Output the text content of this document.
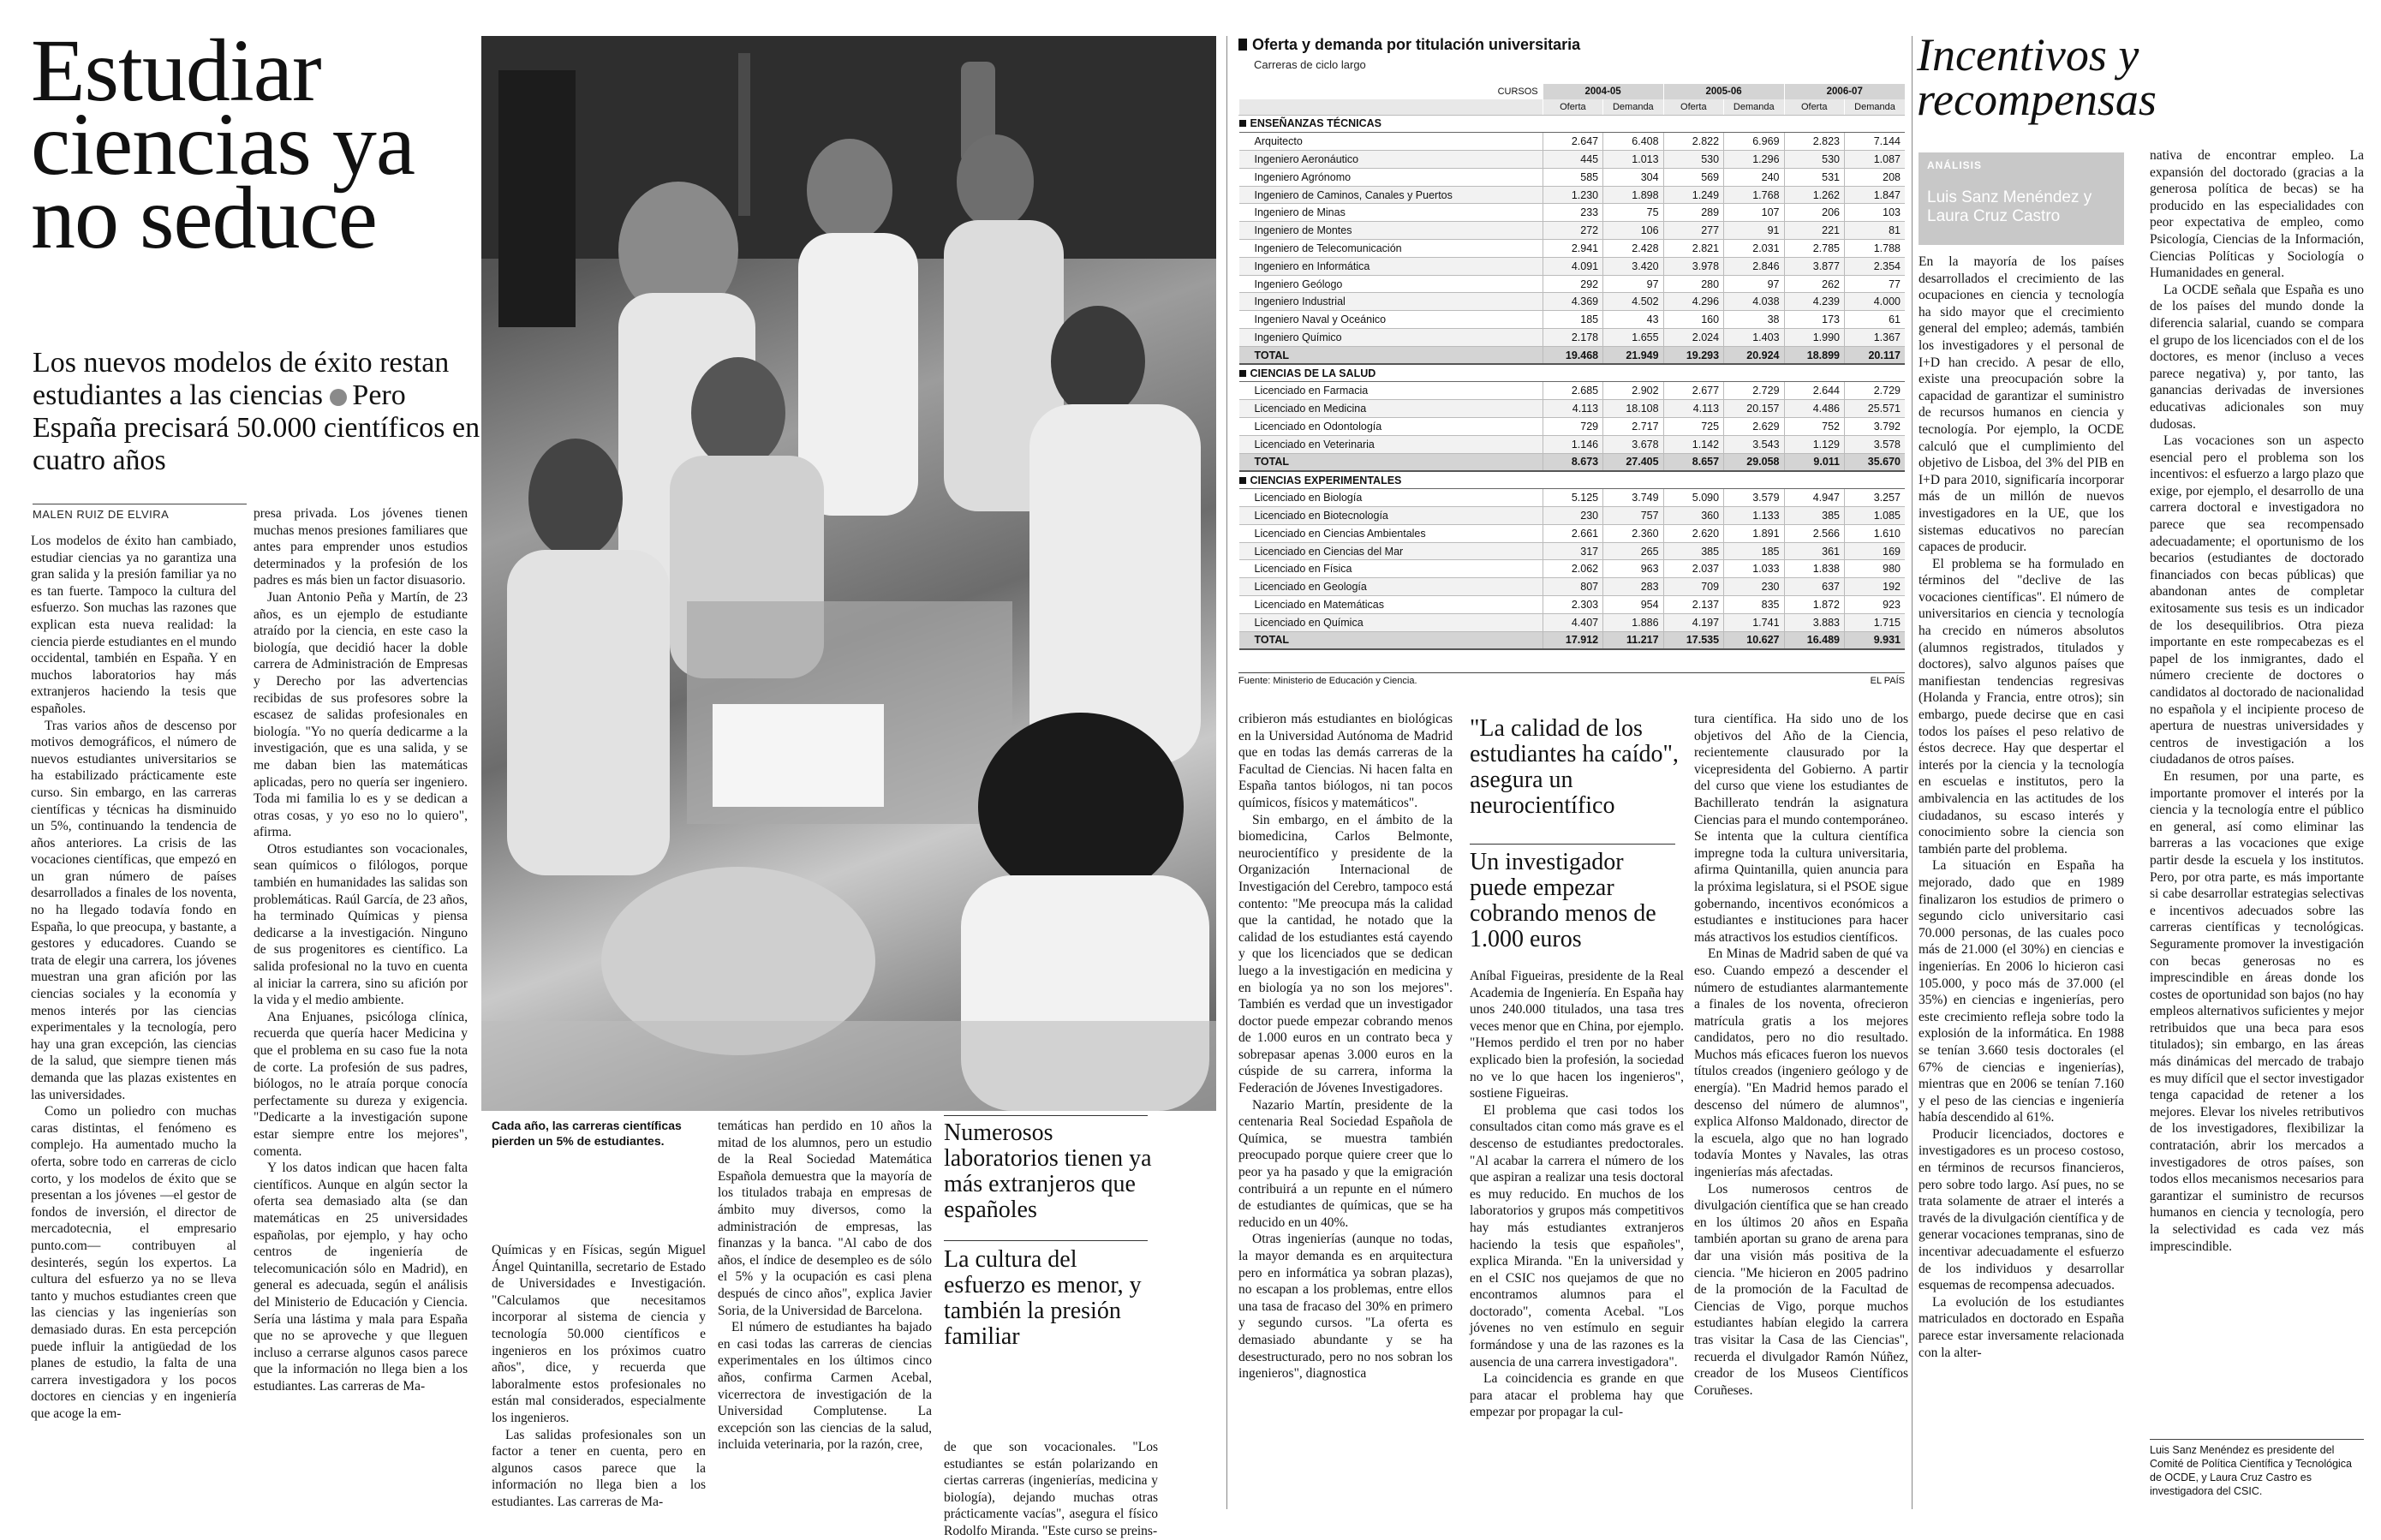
Estudiar ciencias ya no seduce
Los nuevos modelos de éxito restan estudiantes a las ciencias Pero España precisará 50.000 científicos en cuatro años
MALEN RUIZ DE ELVIRA

Los modelos de éxito han cambiado, estudiar ciencias ya no garantiza una gran salida y la presión familiar ya no es tan fuerte. Tampoco la cultura del esfuerzo. Son muchas las razones que explican esta nueva realidad: la ciencia pierde estudiantes en el mundo occidental, también en España. Y en muchos laboratorios hay más extranjeros haciendo la tesis que españoles.

Tras varios años de descenso por motivos demográficos, el número de nuevos estudiantes universitarios se ha estabilizado prácticamente este curso. Sin embargo, en las carreras científicas y técnicas ha disminuido un 5%, continuando la tendencia de años anteriores. La crisis de las vocaciones científicas, que empezó en un gran número de países desarrollados a finales de los noventa, no ha llegado todavía fondo en España, lo que preocupa, y bastante, a gestores y educadores. Cuando se trata de elegir una carrera, los jóvenes muestran una gran afición por las ciencias sociales y la economía y menos interés por las ciencias experimentales y la tecnología, pero hay una gran excepción, las ciencias de la salud, que siempre tienen más demanda que las plazas existentes en las universidades.

Como un poliedro con muchas caras distintas, el fenómeno es complejo. Ha aumentado mucho la oferta, sobre todo en carreras de ciclo corto, y los modelos de éxito que se presentan a los jóvenes —el gestor de fondos de inversión, el director de mercadotecnia, el empresario punto.com— contribuyen al desinterés, según los expertos. La cultura del esfuerzo ya no se lleva tanto y muchos estudiantes creen que las ciencias y las ingenierías son demasiado duras. En esta percepción puede influir la antigüedad de los planes de estudio, la falta de una carrera investigadora y los pocos doctores en ciencias y en ingeniería que acoge la em-

presa privada. Los jóvenes tienen muchas menos presiones familiares que antes para emprender unos estudios determinados y la profesión de los padres es más bien un factor disuasorio.

Juan Antonio Peña y Martín, de 23 años, es un ejemplo de estudiante atraído por la ciencia, en este caso la biología, que decidió hacer la doble carrera de Administración de Empresas y Derecho por las advertencias recibidas de sus profesores sobre la escasez de salidas profesionales en biología. "Yo no quería dedicarme a la investigación, que es una salida, y se me daban bien las matemáticas aplicadas, pero no quería ser ingeniero. Toda mi familia lo es y se dedican a otras cosas, y yo eso no lo quiero", afirma.

Otros estudiantes son vocacionales, sean químicos o filólogos, porque también en humanidades las salidas son problemáticas. Raúl García, de 23 años, ha terminado Químicas y piensa dedicarse a la investigación. Ninguno de sus progenitores es científico. La salida profesional no la tuvo en cuenta al iniciar la carrera, sino su afición por la vida y el medio ambiente.

Ana Enjuanes, psicóloga clínica, recuerda que quería hacer Medicina y que el problema en su caso fue la nota de corte. La profesión de sus padres, biólogos, no le atraía porque conocía perfectamente su dureza y exigencia. "Dedicarte a la investigación supone estar siempre entre los mejores", comenta.

Y los datos indican que hacen falta científicos. Aunque en algún sector la oferta sea demasiado alta (se dan matemáticas en 25 universidades españolas, por ejemplo, y hay ocho centros de ingeniería de telecomunicación sólo en Madrid), en general es adecuada, según el análisis del Ministerio de Educación y Ciencia. Sería una lástima y mala para España que no se aproveche y que lleguen incluso a cerrarse algunos casos parece que la información no llega bien a los estudiantes. Las carreras de Ma-

Cada año, las carreras científicas pierden un 5% de estudiantes.

Químicas y en Físicas, según Miguel Ángel Quintanilla, secretario de Estado de Universidades e Investigación. "Calculamos que necesitamos incorporar al sistema de ciencia y tecnología 50.000 científicos e ingenieros en los próximos cuatro años", dice, y recuerda que laboralmente estos profesionales no están mal considerados, especialmente los ingenieros.

Las salidas profesionales son un factor a tener en cuenta, pero en algunos casos parece que la información no llega bien a los estudiantes. Las carreras de Ma-

temáticas han perdido en 10 años la mitad de los alumnos, pero un estudio de la Real Sociedad Matemática Española demuestra que la mayoría de los titulados trabaja en empresas de ámbito muy diversos, como la administración de empresas, las finanzas y la banca. "Al cabo de dos años, el índice de desempleo es de sólo el 5% y la ocupación es casi plena después de cinco años", explica Javier Soria, de la Universidad de Barcelona.

El número de estudiantes ha bajado en casi todas las carreras de ciencias experimentales en los últimos cinco años, confirma Carmen Acebal, vicerrectora de investigación de la Universidad Complutense. La excepción son las ciencias de la salud, incluida veterinaria, por la razón, cree,

Numerosos laboratorios tienen ya más extranjeros que españoles
La cultura del esfuerzo es menor, y también la presión familiar

de que son vocacionales. "Los estudiantes se están polarizando en ciertas carreras (ingenierías, medicina y biología), dejando muchas otras prácticamente vacías", asegura el físico Rodolfo Miranda. "Este curso se preins-

cribieron más estudiantes en biológicas en la Universidad Autónoma de Madrid que en todas las demás carreras de la Facultad de Ciencias. Ni hacen falta en España tantos biólogos, ni tan pocos químicos, físicos y matemáticos".

Sin embargo, en el ámbito de la biomedicina, Carlos Belmonte, neurocientífico y presidente de la Organización Internacional de Investigación del Cerebro, tampoco está contento: "Me preocupa más la calidad que la cantidad, he notado que la calidad de los estudiantes está cayendo y que los licenciados que se dedican luego a la investigación en medicina y en biología ya no son los mejores". También es verdad que un investigador doctor puede empezar cobrando menos de 1.000 euros en un contrato beca y sobrepasar apenas 3.000 euros en la cúspide de su carrera, informa la Federación de Jóvenes Investigadores.

Nazario Martín, presidente de la centenaria Real Sociedad Española de Química, se muestra también preocupado porque quiere creer que lo peor ya ha pasado y que la emigración contribuirá a un repunte en el número de estudiantes de químicas, que se ha reducido en un 40%.

Otras ingenierías (aunque no todas, la mayor demanda es en arquitectura pero en informática ya sobran plazas), no escapan a los problemas, entre ellos una tasa de fracaso del 30% en primero y segundo cursos. "La oferta es demasiado abundante y se ha desestructurado, pero no nos sobran los ingenieros", diagnostica

"La calidad de los estudiantes ha caído", asegura un neurocientífico
Un investigador puede empezar cobrando menos de 1.000 euros

Aníbal Figueiras, presidente de la Real Academia de Ingeniería. En España hay unos 240.000 titulados, una tasa tres veces menor que en China, por ejemplo. "Hemos perdido el tren por no haber explicado bien la profesión, la sociedad no ve lo que hacen los ingenieros", sostiene Figueiras.

El problema que casi todos los consultados citan como más grave es el descenso de estudiantes predoctorales. "Al acabar la carrera el número de los que aspiran a realizar una tesis doctoral es muy reducido. En muchos de los laboratorios y grupos más competitivos hay más estudiantes extranjeros haciendo la tesis que españoles", explica Miranda. "En la universidad y en el CSIC nos quejamos de que no encontramos alumnos para el doctorado", comenta Acebal. "Los jóvenes no ven estímulo en seguir formándose y una de las razones es la ausencia de una carrera investigadora".

La coincidencia es grande en que para atacar el problema hay que empezar por propagar la cul-

tura científica. Ha sido uno de los objetivos del Año de la Ciencia, recientemente clausurado por la vicepresidenta del Gobierno. A partir del curso que viene los estudiantes de Bachillerato tendrán la asignatura Ciencias para el mundo contemporáneo. Se intenta que la cultura científica impregne toda la cultura universitaria, afirma Quintanilla, quien anuncia para la próxima legislatura, si el PSOE sigue gobernando, incentivos económicos a estudiantes e instituciones para hacer más atractivos los estudios científicos.

En Minas de Madrid saben de qué va eso. Cuando empezó a descender el número de estudiantes alarmantemente a finales de los noventa, ofrecieron matrícula gratis a los mejores candidatos, pero no dio resultado. Muchos más eficaces fueron los nuevos títulos creados (ingeniero geólogo y de energía). "En Madrid hemos parado el descenso del número de alumnos", explica Alfonso Maldonado, director de la escuela, algo que no han logrado todavía Montes y Navales, las otras ingenierías más afectadas.

Los numerosos centros de divulgación científica que se han creado en los últimos 20 años en España también aportan su grano de arena para dar una visión más positiva de la ciencia. "Me hicieron en 2005 padrino de la promoción de la Facultad de Ciencias de Vigo, porque muchos estudiantes habían elegido la carrera tras visitar la Casa de las Ciencias", recuerda el divulgador Ramón Núñez, creador de los Museos Científicos Coruñeses.

Oferta y demanda por titulación universitaria
Carreras de ciclo largo
CURSOS	2004-05		2005-06		2006-07	
	Oferta	Demanda	Oferta	Demanda	Oferta	Demanda
ENSEÑANZAS TÉCNICAS						
Arquitecto	2.647	6.408	2.822	6.969	2.823	7.144
Ingeniero Aeronáutico	445	1.013	530	1.296	530	1.087
Ingeniero Agrónomo	585	304	569	240	531	208
Ingeniero de Caminos, Canales y Puertos	1.230	1.898	1.249	1.768	1.262	1.847
Ingeniero de Minas	233	75	289	107	206	103
Ingeniero de Montes	272	106	277	91	221	81
Ingeniero de Telecomunicación	2.941	2.428	2.821	2.031	2.785	1.788
Ingeniero en Informática	4.091	3.420	3.978	2.846	3.877	2.354
Ingeniero Geólogo	292	97	280	97	262	77
Ingeniero Industrial	4.369	4.502	4.296	4.038	4.239	4.000
Ingeniero Naval y Oceánico	185	43	160	38	173	61
Ingeniero Químico	2.178	1.655	2.024	1.403	1.990	1.367
TOTAL	19.468	21.949	19.293	20.924	18.899	20.117
CIENCIAS DE LA SALUD						
Licenciado en Farmacia	2.685	2.902	2.677	2.729	2.644	2.729
Licenciado en Medicina	4.113	18.108	4.113	20.157	4.486	25.571
Licenciado en Odontología	729	2.717	725	2.629	752	3.792
Licenciado en Veterinaria	1.146	3.678	1.142	3.543	1.129	3.578
TOTAL	8.673	27.405	8.657	29.058	9.011	35.670
CIENCIAS EXPERIMENTALES						
Licenciado en Biología	5.125	3.749	5.090	3.579	4.947	3.257
Licenciado en Biotecnología	230	757	360	1.133	385	1.085
Licenciado en Ciencias Ambientales	2.661	2.360	2.620	1.891	2.566	1.610
Licenciado en Ciencias del Mar	317	265	385	185	361	169
Licenciado en Física	2.062	963	2.037	1.033	1.838	980
Licenciado en Geología	807	283	709	230	637	192
Licenciado en Matemáticas	2.303	954	2.137	835	1.872	923
Licenciado en Química	4.407	1.886	4.197	1.741	3.883	1.715
TOTAL	17.912	11.217	17.535	10.627	16.489	9.931
Fuente: Ministerio de Educación y Ciencia.	EL PAÍS
Incentivos y recompensas
ANÁLISIS
Luis Sanz Menéndez y Laura Cruz Castro

En la mayoría de los países desarrollados el crecimiento de las ocupaciones en ciencia y tecnología ha sido mayor que el crecimiento general del empleo; además, también los investigadores y el personal de I+D han crecido. A pesar de ello, existe una preocupación sobre la capacidad de garantizar el suministro de recursos humanos en ciencia y tecnología. Por ejemplo, la OCDE calculó que el cumplimiento del objetivo de Lisboa, del 3% del PIB en I+D para 2010, significaría incorporar más de un millón de nuevos investigadores en la UE, que los sistemas educativos no parecían capaces de producir.

El problema se ha formulado en términos del "declive de las vocaciones científicas". El número de universitarios en ciencia y tecnología ha crecido en números absolutos (alumnos registrados, titulados y doctores), salvo algunos países que manifiestan tendencias regresivas (Holanda y Francia, entre otros); sin embargo, puede decirse que en casi todos los países el peso relativo de éstos decrece. Hay que despertar el interés por la ciencia y la tecnología en escuelas e institutos, pero la ambivalencia en las actitudes de los ciudadanos, su escaso interés y conocimiento sobre la ciencia son también parte del problema.

La situación en España ha mejorado, dado que en 1989 finalizaron los estudios de primero o segundo ciclo universitario casi 70.000 personas, de las cuales poco más de 21.000 (el 30%) en ciencias e ingenierías. En 2006 lo hicieron casi 105.000, y poco más de 37.000 (el 35%) en ciencias e ingenierías, pero este crecimiento refleja sobre todo la explosión de la informática. En 1988 se tenían 3.660 tesis doctorales (el 67% de ciencias e ingenierías), mientras que en 2006 se tenían 7.160 y el peso de las ciencias e ingeniería había descendido al 61%.

Producir licenciados, doctores e investigadores es un proceso costoso, en términos de recursos financieros, pero sobre todo largo. Así pues, no se trata solamente de atraer el interés a través de la divulgación científica y de generar vocaciones tempranas, sino de incentivar adecuadamente el esfuerzo de los individuos y desarrollar esquemas de recompensa adecuados.

La evolución de los estudiantes matriculados en doctorado en España parece estar inversamente relacionada con la alter-

nativa de encontrar empleo. La expansión del doctorado (gracias a la generosa política de becas) se ha producido en las especialidades con peor expectativa de empleo, como Psicología, Ciencias de la Información, Ciencias Políticas y Sociología o Humanidades en general.

La OCDE señala que España es uno de los países del mundo donde la diferencia salarial, cuando se compara el grupo de los licenciados con el de los doctores, es menor (incluso a veces parece negativa) y, por tanto, las ganancias derivadas de inversiones educativas adicionales son muy dudosas.

Las vocaciones son un aspecto esencial pero el problema son los incentivos: el esfuerzo a largo plazo que exige, por ejemplo, el desarrollo de una carrera doctoral e investigadora no parece que sea recompensado adecuadamente; el oportunismo de los becarios (estudiantes de doctorado financiados con becas públicas) que abandonan antes de completar exitosamente sus tesis es un indicador de los desequilibrios. Otra pieza importante en este rompecabezas es el papel de los inmigrantes, dado el número creciente de doctores o candidatos al doctorado de nacionalidad no española y el incipiente proceso de apertura de nuestras universidades y centros de investigación a los ciudadanos de otros países.

En resumen, por una parte, es importante promover el interés por la ciencia y la tecnología entre el público en general, así como eliminar las barreras a las vocaciones que exige partir desde la escuela y los institutos. Pero, por otra parte, es más importante si cabe desarrollar estrategias selectivas e incentivos adecuados sobre las carreras científicas y tecnológicas. Seguramente promover la investigación con becas generosas no es imprescindible en áreas donde los costes de oportunidad son bajos (no hay empleos alternativos suficientes y mejor retribuidos que una beca para esos titulados); sin embargo, en las áreas más dinámicas del mercado de trabajo es muy difícil que el sector investigador tenga capacidad de retener a los mejores. Elevar los niveles retributivos de los investigadores, flexibilizar la contratación, abrir los mercados a investigadores de otros países, son todos ellos mecanismos necesarios para garantizar el suministro de recursos humanos en ciencia y tecnología, pero la selectividad es cada vez más imprescindible.

Luis Sanz Menéndez es presidente del Comité de Política Científica y Tecnológica de OCDE, y Laura Cruz Castro es investigadora del CSIC.
